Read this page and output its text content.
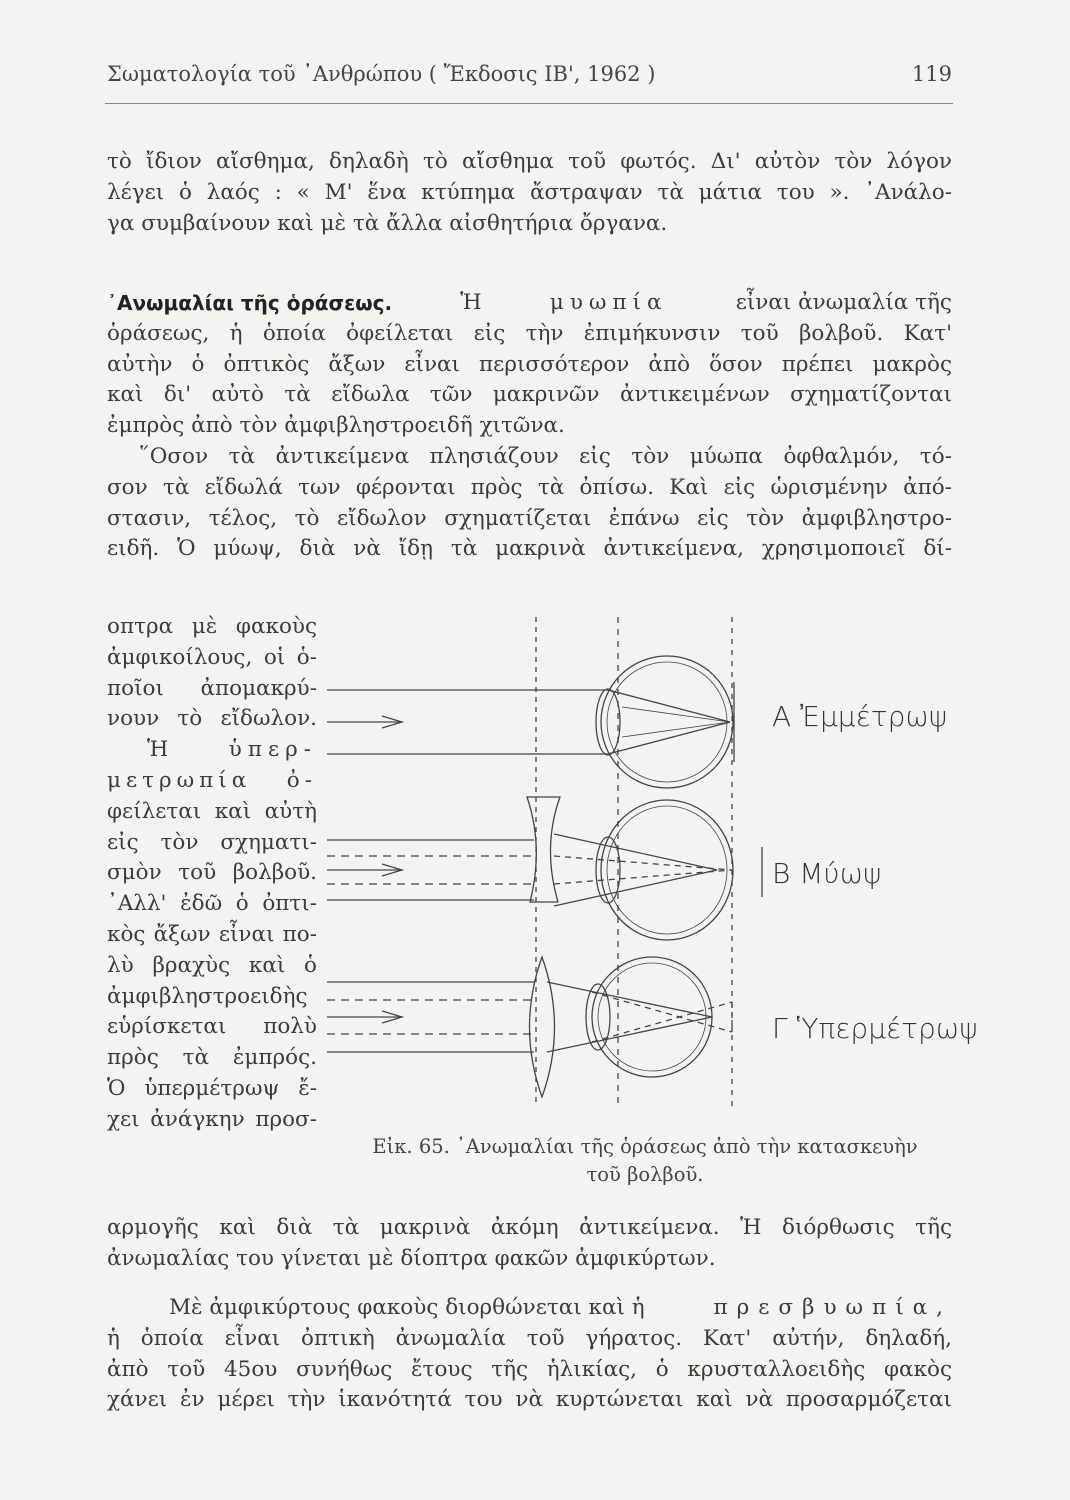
Σωματολογία τοῦ ᾿Ανθρώπου ( Ἔκδοσις ΙΒ', 1962 )	119
τὸ ἴδιον αἴσθημα, δηλαδὴ τὸ αἴσθημα τοῦ φωτός. Δι' αὐτὸν τὸν λόγον
λέγει ὁ λαός : « Μ' ἕνα κτύπημα ἄστραψαν τὰ μάτια του ». ᾿Ανάλο-
γα συμβαίνουν καὶ μὲ τὰ ἄλλα αἰσθητήρια ὄργανα.
᾿Ανωμαλίαι τῆς ὁράσεως.	Ἡ	μυωπία	εἶναι ἀνωμαλία τῆς
ὁράσεως, ἡ ὁποία ὀφείλεται εἰς τὴν ἐπιμήκυνσιν τοῦ βολβοῦ. Κατ'
αὐτὴν ὁ ὀπτικὸς ἄξων εἶναι περισσότερον ἀπὸ ὅσον πρέπει μακρὸς
καὶ δι' αὐτὸ τὰ εἴδωλα τῶν μακρινῶν ἀντικειμένων σχηματίζονται
ἐμπρὸς ἀπὸ τὸν ἀμφιβληστροειδῆ χιτῶνα.
῞Οσον τὰ ἀντικείμενα πλησιάζουν εἰς τὸν μύωπα ὀφθαλμόν, τό-
σον τὰ εἴδωλά των φέρονται πρὸς τὰ ὀπίσω. Καὶ εἰς ὡρισμένην ἀπό-
στασιν, τέλος, τὸ εἴδωλον σχηματίζεται ἐπάνω εἰς τὸν ἀμφιβληστρο-
ειδῆ. Ὁ μύωψ, διὰ νὰ ἴδῃ τὰ μακρινὰ ἀντικείμενα, χρησιμοποιεῖ δί-
οπτρα μὲ φακοὺς
ἀμφικοίλους, οἱ ὁ-
ποῖοι ἀπομακρύ-
νουν τὸ εἴδωλον.
Ἡ	ὑπερ-
μετρωπία ὀ-
φείλεται καὶ αὐτὴ
εἰς τὸν σχηματι-
σμὸν τοῦ βολβοῦ.
᾿Αλλ' ἐδῶ ὁ ὀπτι-
κὸς ἄξων εἶναι πο-
λὺ βραχὺς καὶ ὁ
ἀμφιβληστροειδὴς
εὑρίσκεται πολὺ
πρὸς τὰ ἐμπρός.
Ὁ ὑπερμέτρωψ ἔ-
χει ἀνάγκην προσ-
Α Ἐμμέτρωψ
Β Μύωψ
Γ Ὑπερμέτρωψ
Εἰκ. 65. ᾿Ανωμαλίαι τῆς ὁράσεως ἀπὸ τὴν κατασκευὴν
τοῦ βολβοῦ.
αρμογῆς καὶ διὰ τὰ μακρινὰ ἀκόμη ἀντικείμενα. Ἡ διόρθωσις τῆς
ἀνωμαλίας του γίνεται μὲ δίοπτρα φακῶν ἀμφικύρτων.
Μὲ ἀμφικύρτους φακοὺς διορθώνεται καὶ ἡ	πρεσβυωπία,
ἡ ὁποία εἶναι ὀπτικὴ ἀνωμαλία τοῦ γήρατος. Κατ' αὐτήν, δηλαδή,
ἀπὸ τοῦ 45ου συνήθως ἔτους τῆς ἡλικίας, ὁ κρυσταλλοειδὴς φακὸς
χάνει ἐν μέρει τὴν ἱκανότητά του νὰ κυρτώνεται καὶ νὰ προσαρμόζεται
